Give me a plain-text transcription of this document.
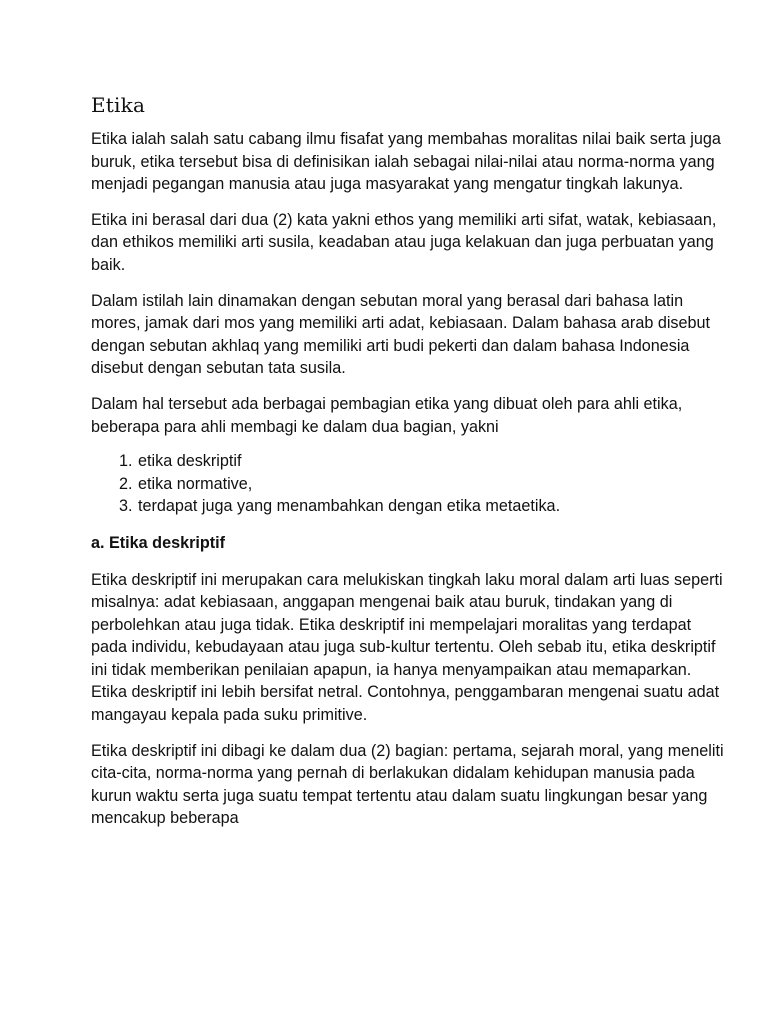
Etika

Etika ialah salah satu cabang ilmu fisafat yang membahas moralitas nilai baik serta juga buruk, etika tersebut bisa di definisikan ialah sebagai nilai-nilai atau norma-norma yang menjadi pegangan manusia atau juga masyarakat yang mengatur tingkah lakunya.

Etika ini berasal dari dua (2) kata yakni ethos yang memiliki arti sifat, watak, kebiasaan, dan ethikos memiliki arti susila, keadaban atau juga kelakuan dan juga perbuatan yang baik.

Dalam istilah lain dinamakan dengan sebutan moral yang berasal dari bahasa latin mores, jamak dari mos yang memiliki arti adat, kebiasaan. Dalam bahasa arab disebut dengan sebutan akhlaq yang memiliki arti budi pekerti dan dalam bahasa Indonesia disebut dengan sebutan tata susila.

Dalam hal tersebut ada berbagai pembagian etika yang dibuat oleh para ahli etika, beberapa para ahli membagi ke dalam dua bagian, yakni

1. etika deskriptif
2. etika normative,
3. terdapat juga yang menambahkan dengan etika metaetika.
a. Etika deskriptif

Etika deskriptif ini merupakan cara melukiskan tingkah laku moral dalam arti luas seperti misalnya: adat kebiasaan, anggapan mengenai baik atau buruk, tindakan yang di perbolehkan atau juga tidak. Etika deskriptif ini mempelajari moralitas yang terdapat pada individu, kebudayaan atau juga sub-kultur tertentu. Oleh sebab itu, etika deskriptif ini tidak memberikan penilaian apapun, ia hanya menyampaikan atau memaparkan. Etika deskriptif ini lebih bersifat netral. Contohnya, penggambaran mengenai suatu adat mangayau kepala pada suku primitive.

Etika deskriptif ini dibagi ke dalam dua (2) bagian: pertama, sejarah moral, yang meneliti cita-cita, norma-norma yang pernah di berlakukan didalam kehidupan manusia pada kurun waktu serta juga suatu tempat tertentu atau dalam suatu lingkungan besar yang mencakup beberapa
